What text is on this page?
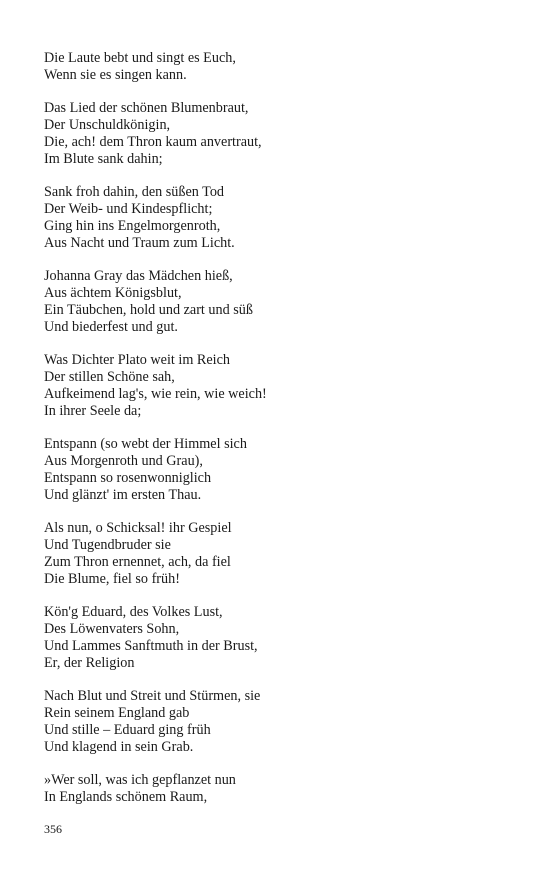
Die Laute bebt und singt es Euch,
Wenn sie es singen kann.
Das Lied der schönen Blumenbraut,
Der Unschuldkönigin,
Die, ach! dem Thron kaum anvertraut,
Im Blute sank dahin;
Sank froh dahin, den süßen Tod
Der Weib- und Kindespflicht;
Ging hin ins Engelmorgenroth,
Aus Nacht und Traum zum Licht.
Johanna Gray das Mädchen hieß,
Aus ächtem Königsblut,
Ein Täubchen, hold und zart und süß
Und biederfest und gut.
Was Dichter Plato weit im Reich
Der stillen Schöne sah,
Aufkeimend lag's, wie rein, wie weich!
In ihrer Seele da;
Entspann (so webt der Himmel sich
Aus Morgenroth und Grau),
Entspann so rosenwonniglich
Und glänzt' im ersten Thau.
Als nun, o Schicksal! ihr Gespiel
Und Tugendbruder sie
Zum Thron ernennet, ach, da fiel
Die Blume, fiel so früh!
Kön'g Eduard, des Volkes Lust,
Des Löwenvaters Sohn,
Und Lammes Sanftmuth in der Brust,
Er, der Religion
Nach Blut und Streit und Stürmen, sie
Rein seinem England gab
Und stille – Eduard ging früh
Und klagend in sein Grab.
»Wer soll, was ich gepflanzet nun
In Englands schönem Raum,
356
